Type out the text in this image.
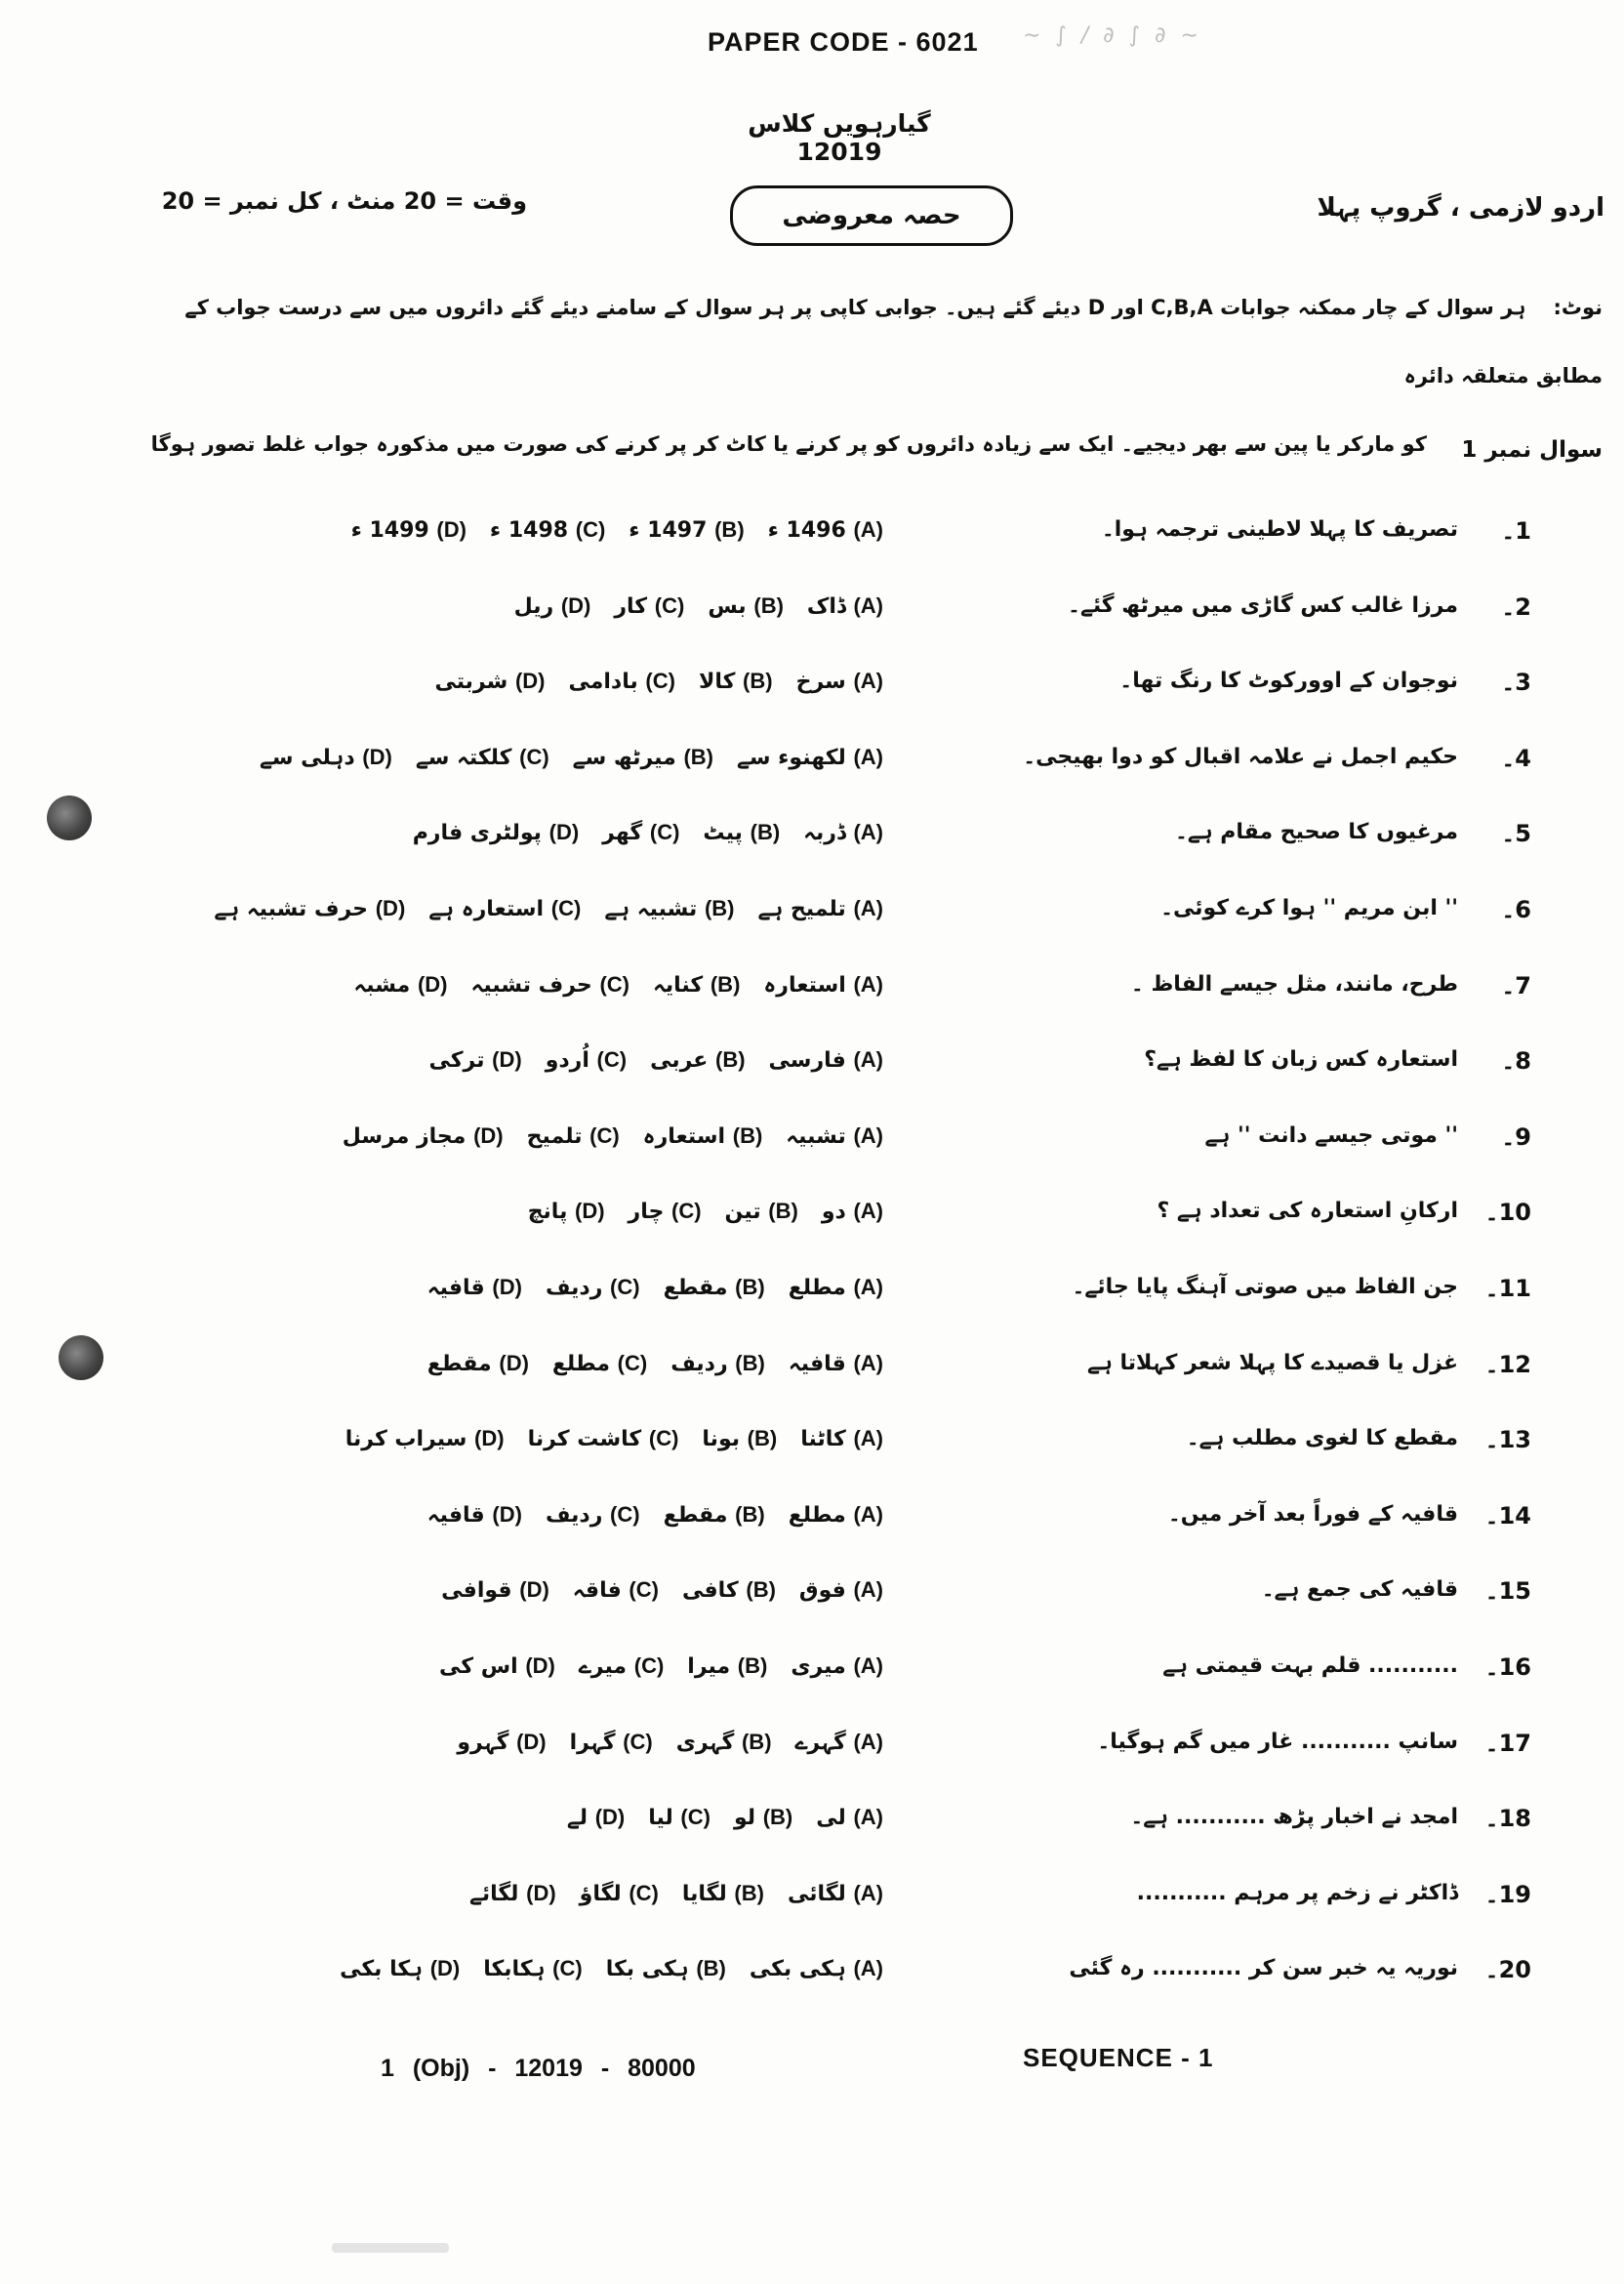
PAPER CODE - 6021 ∼ ∫ / ∂ ∫ ∂ ∼
گیارہویں کلاس 12019
وقت = 20 منٹ ، کل نمبر = 20	حصہ معروضی	اردو لازمی ، گروپ پہلا
نوٹ:ہر سوال کے چار ممکنہ جوابات C,B,A اور D دیئے گئے ہیں۔ جوابی کاپی پر ہر سوال کے سامنے دیئے گئے دائروں میں سے درست جواب کے مطابق متعلقہ دائرہ
کو مارکر یا پین سے بھر دیجیے۔ ایک سے زیادہ دائروں کو پر کرنے یا کاٹ کر پر کرنے کی صورت میں مذکورہ جواب غلط تصور ہوگا	سوال نمبر 1
1۔
تصریف کا پہلا لاطینی ترجمہ ہوا۔
(A) 1496 ء
(B) 1497 ء
(C) 1498 ء
(D) 1499 ء
2۔
مرزا غالب کس گاڑی میں میرٹھ گئے۔
(A) ڈاک
(B) بس
(C) کار
(D) ریل
3۔
نوجوان کے اوورکوٹ کا رنگ تھا۔
(A) سرخ
(B) کالا
(C) بادامی
(D) شربتی
4۔
حکیم اجمل نے علامہ اقبال کو دوا بھیجی۔
(A) لکھنوء سے
(B) میرٹھ سے
(C) کلکتہ سے
(D) دہلی سے
5۔
مرغیوں کا صحیح مقام ہے۔
(A) ڈربہ
(B) پیٹ
(C) گھر
(D) پولٹری فارم
6۔
'' ابن مریم '' ہوا کرے کوئی۔
(A) تلمیح ہے
(B) تشبیہ ہے
(C) استعارہ ہے
(D) حرف تشبیہ ہے
7۔
طرح، مانند، مثل جیسے الفاظ ۔
(A) استعارہ
(B) کنایہ
(C) حرف تشبیہ
(D) مشبہ
8۔
استعارہ کس زبان کا لفظ ہے؟
(A) فارسی
(B) عربی
(C) اُردو
(D) ترکی
9۔
'' موتی جیسے دانت '' ہے
(A) تشبیہ
(B) استعارہ
(C) تلمیح
(D) مجاز مرسل
10۔
ارکانِ استعارہ کی تعداد ہے ؟
(A) دو
(B) تین
(C) چار
(D) پانچ
11۔
جن الفاظ میں صوتی آہنگ پایا جائے۔
(A) مطلع
(B) مقطع
(C) ردیف
(D) قافیہ
12۔
غزل یا قصیدے کا پہلا شعر کہلاتا ہے
(A) قافیہ
(B) ردیف
(C) مطلع
(D) مقطع
13۔
مقطع کا لغوی مطلب ہے۔
(A) کاٹنا
(B) بونا
(C) کاشت کرنا
(D) سیراب کرنا
14۔
قافیہ کے فوراً بعد آخر میں۔
(A) مطلع
(B) مقطع
(C) ردیف
(D) قافیہ
15۔
قافیہ کی جمع ہے۔
(A) فوق
(B) کافی
(C) فاقہ
(D) قوافی
16۔
........... قلم بہت قیمتی ہے
(A) میری
(B) میرا
(C) میرے
(D) اس کی
17۔
سانپ ........... غار میں گم ہوگیا۔
(A) گہرے
(B) گہری
(C) گہرا
(D) گہرو
18۔
امجد نے اخبار پڑھ ........... ہے۔
(A) لی
(B) لو
(C) لیا
(D) لے
19۔
ڈاکٹر نے زخم پر مرہم ...........
(A) لگائی
(B) لگایا
(C) لگاؤ
(D) لگائے
20۔
نوریہ یہ خبر سن کر ........... رہ گئی
(A) ہکی بکی
(B) ہکی بکا
(C) ہکابکا
(D) ہکا بکی
1 (Obj) - 12019 - 80000	SEQUENCE - 1
